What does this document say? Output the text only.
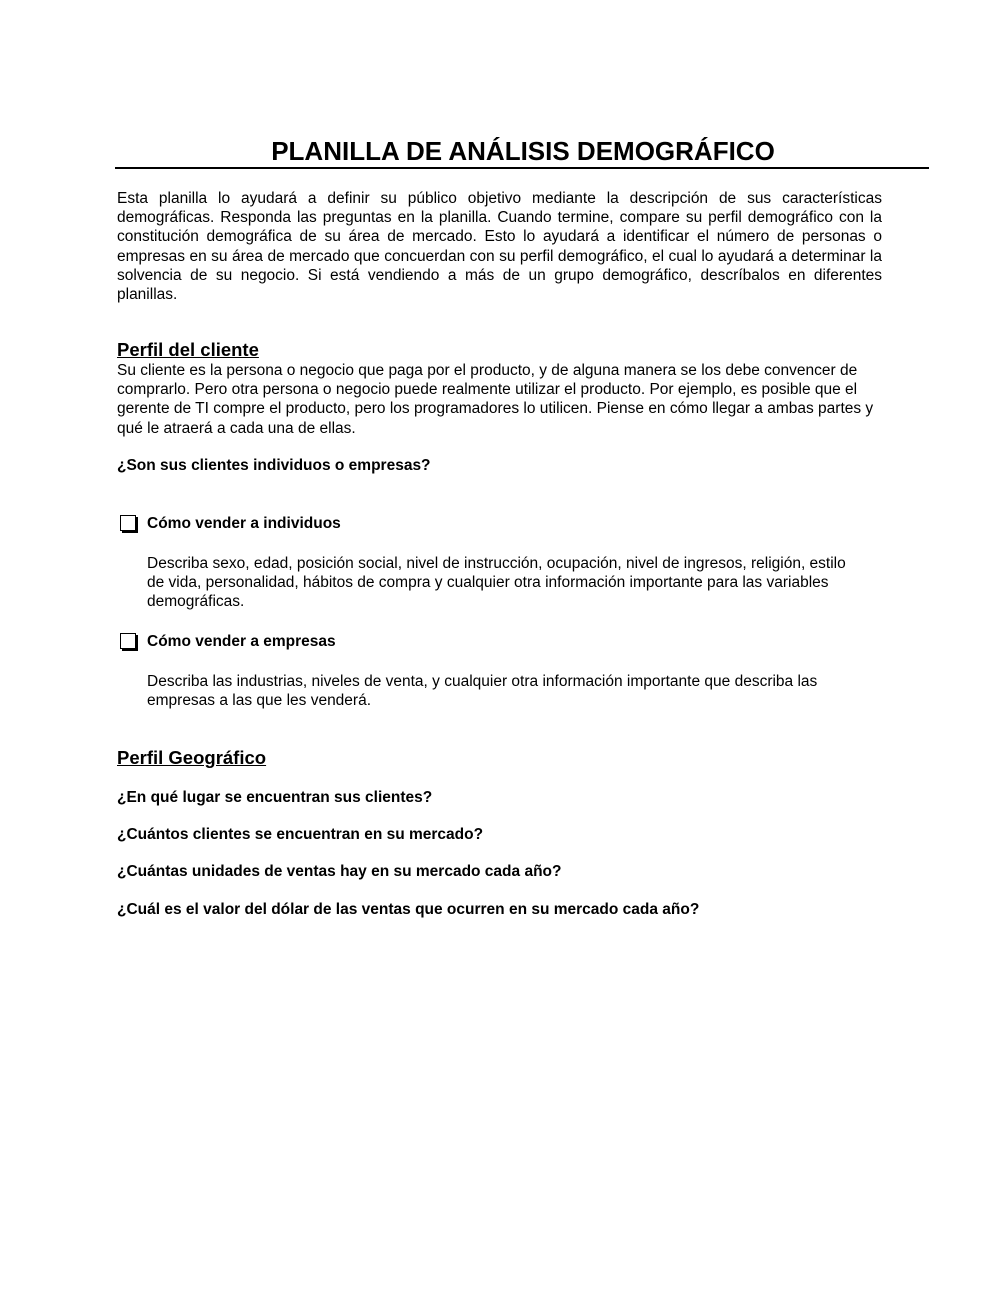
PLANILLA DE ANÁLISIS DEMOGRÁFICO

Esta planilla lo ayudará a definir su público objetivo mediante la descripción de sus características demográficas. Responda las preguntas en la planilla. Cuando termine, compare su perfil demográfico con la constitución demográfica de su área de mercado. Esto lo ayudará a identificar el número de personas o empresas en su área de mercado que concuerdan con su perfil demográfico, el cual lo ayudará a determinar la solvencia de su negocio. Si está vendiendo a más de un grupo demográfico, descríbalos en diferentes planillas.

Perfil del cliente

Su cliente es la persona o negocio que paga por el producto, y de alguna manera se los debe convencer de comprarlo. Pero otra persona o negocio puede realmente utilizar el producto. Por ejemplo, es posible que el gerente de TI compre el producto, pero los programadores lo utilicen. Piense en cómo llegar a ambas partes y qué le atraerá a cada una de ellas.

¿Son sus clientes individuos o empresas?

Cómo vender a individuos

Describa sexo, edad, posición social, nivel de instrucción, ocupación, nivel de ingresos, religión, estilo de vida, personalidad, hábitos de compra y cualquier otra información importante para las variables demográficas.

Cómo vender a empresas

Describa las industrias, niveles de venta, y cualquier otra información importante que describa las empresas a las que les venderá.

Perfil Geográfico

¿En qué lugar se encuentran sus clientes?

¿Cuántos clientes se encuentran en su mercado?

¿Cuántas unidades de ventas hay en su mercado cada año?

¿Cuál es el valor del dólar de las ventas que ocurren en su mercado cada año?
